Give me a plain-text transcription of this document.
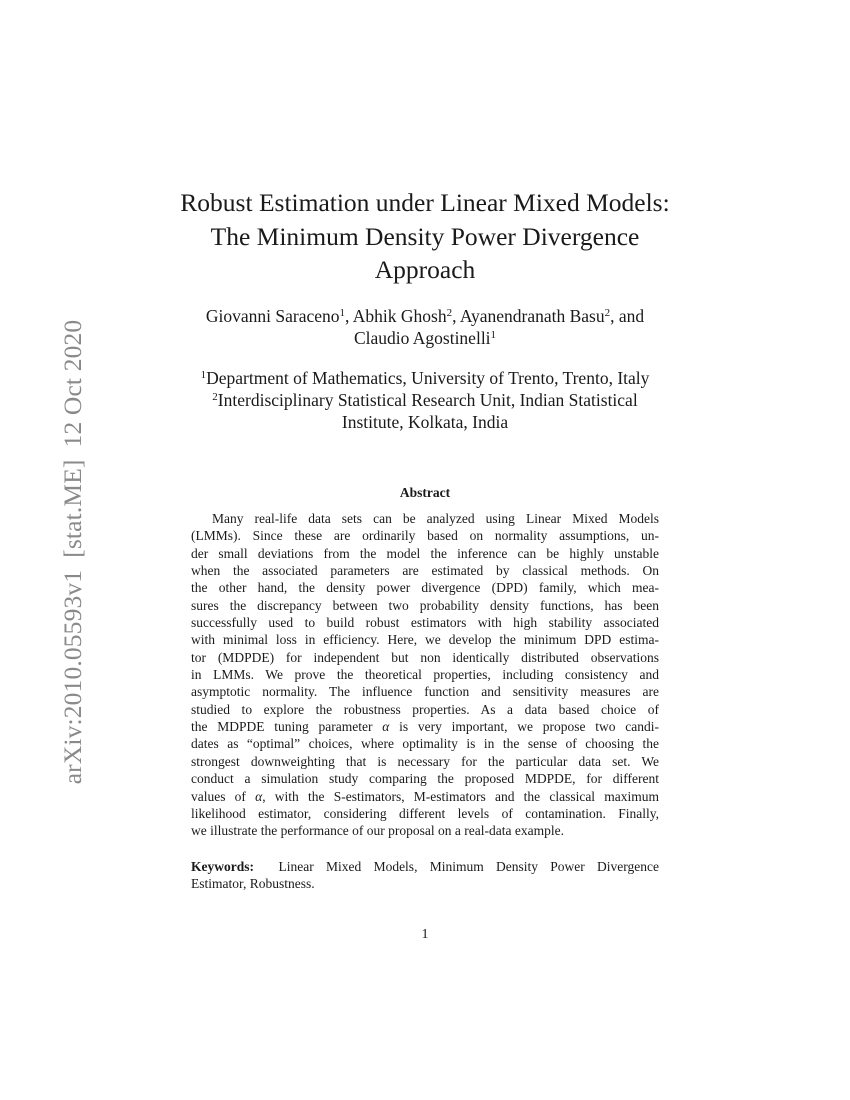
arXiv:2010.05593v1[stat.ME]12 Oct 2020
Robust Estimation under Linear Mixed Models:
The Minimum Density Power Divergence
Approach
Giovanni Saraceno$^1$, Abhik Ghosh$^2$, Ayanendranath Basu$^2$, and
Claudio Agostinelli$^1$
$^1$Department of Mathematics, University of Trento, Trento, Italy
$^2$Interdisciplinary Statistical Research Unit, Indian Statistical
Institute, Kolkata, India
Abstract
Many real-life data sets can be analyzed using Linear Mixed Models
(LMMs). Since these are ordinarily based on normality assumptions, un-
der small deviations from the model the inference can be highly unstable
when the associated parameters are estimated by classical methods. On
the other hand, the density power divergence (DPD) family, which mea-
sures the discrepancy between two probability density functions, has been
successfully used to build robust estimators with high stability associated
with minimal loss in efficiency. Here, we develop the minimum DPD estima-
tor (MDPDE) for independent but non identically distributed observations
in LMMs. We prove the theoretical properties, including consistency and
asymptotic normality. The influence function and sensitivity measures are
studied to explore the robustness properties. As a data based choice of
the MDPDE tuning parameter α is very important, we propose two candi-
dates as “optimal” choices, where optimality is in the sense of choosing the
strongest downweighting that is necessary for the particular data set. We
conduct a simulation study comparing the proposed MDPDE, for different
values of α, with the S-estimators, M-estimators and the classical maximum
likelihood estimator, considering different levels of contamination. Finally,
we illustrate the performance of our proposal on a real-data example.
Keywords: Linear Mixed Models, Minimum Density Power Divergence
Estimator, Robustness.
1
